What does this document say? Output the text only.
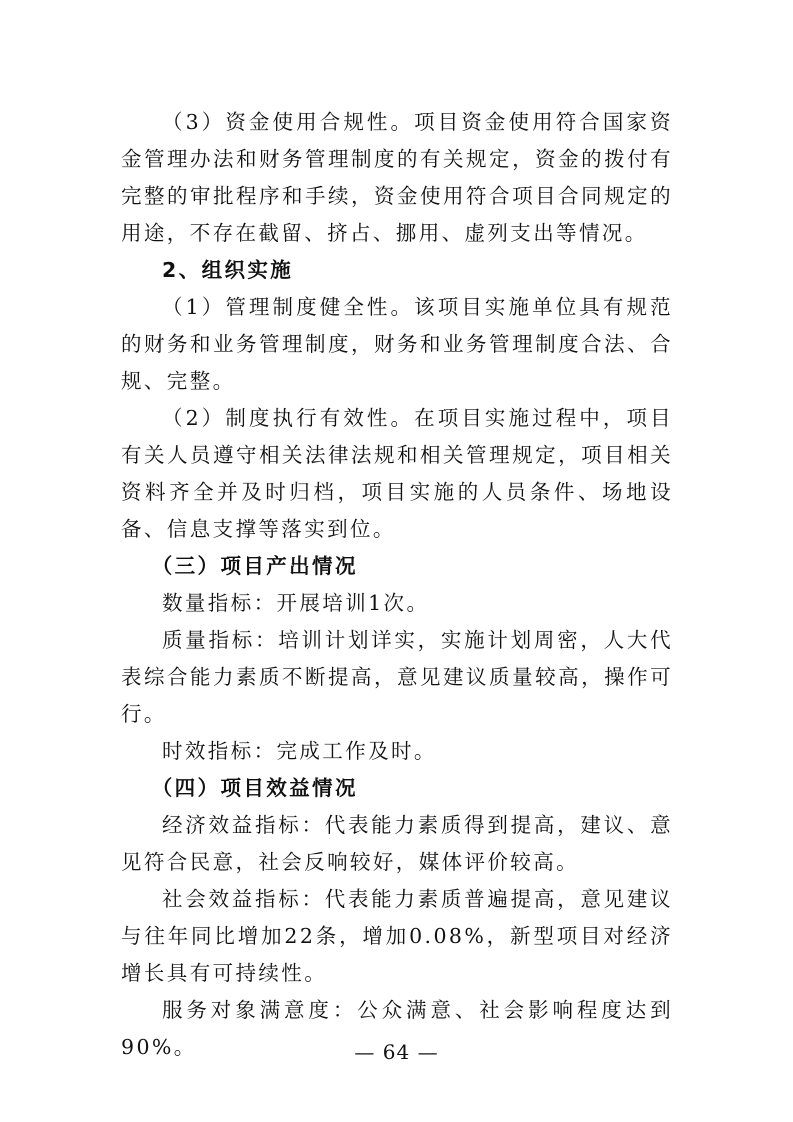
（3）资金使用合规性。项目资金使用符合国家资金管理办法和财务管理制度的有关规定，资金的拨付有完整的审批程序和手续，资金使用符合项目合同规定的用途，不存在截留、挤占、挪用、虚列支出等情况。

2、组织实施

（1）管理制度健全性。该项目实施单位具有规范的财务和业务管理制度，财务和业务管理制度合法、合规、完整。

（2）制度执行有效性。在项目实施过程中，项目有关人员遵守相关法律法规和相关管理规定，项目相关资料齐全并及时归档，项目实施的人员条件、场地设备、信息支撑等落实到位。

（三）项目产出情况

数量指标：开展培训1次。

质量指标：培训计划详实，实施计划周密，人大代表综合能力素质不断提高，意见建议质量较高，操作可行。

时效指标：完成工作及时。

（四）项目效益情况

经济效益指标：代表能力素质得到提高，建议、意见符合民意，社会反响较好，媒体评价较高。

社会效益指标：代表能力素质普遍提高，意见建议与往年同比增加22条，增加0.08%，新型项目对经济增长具有可持续性。

服务对象满意度：公众满意、社会影响程度达到90%。	— 64 —
